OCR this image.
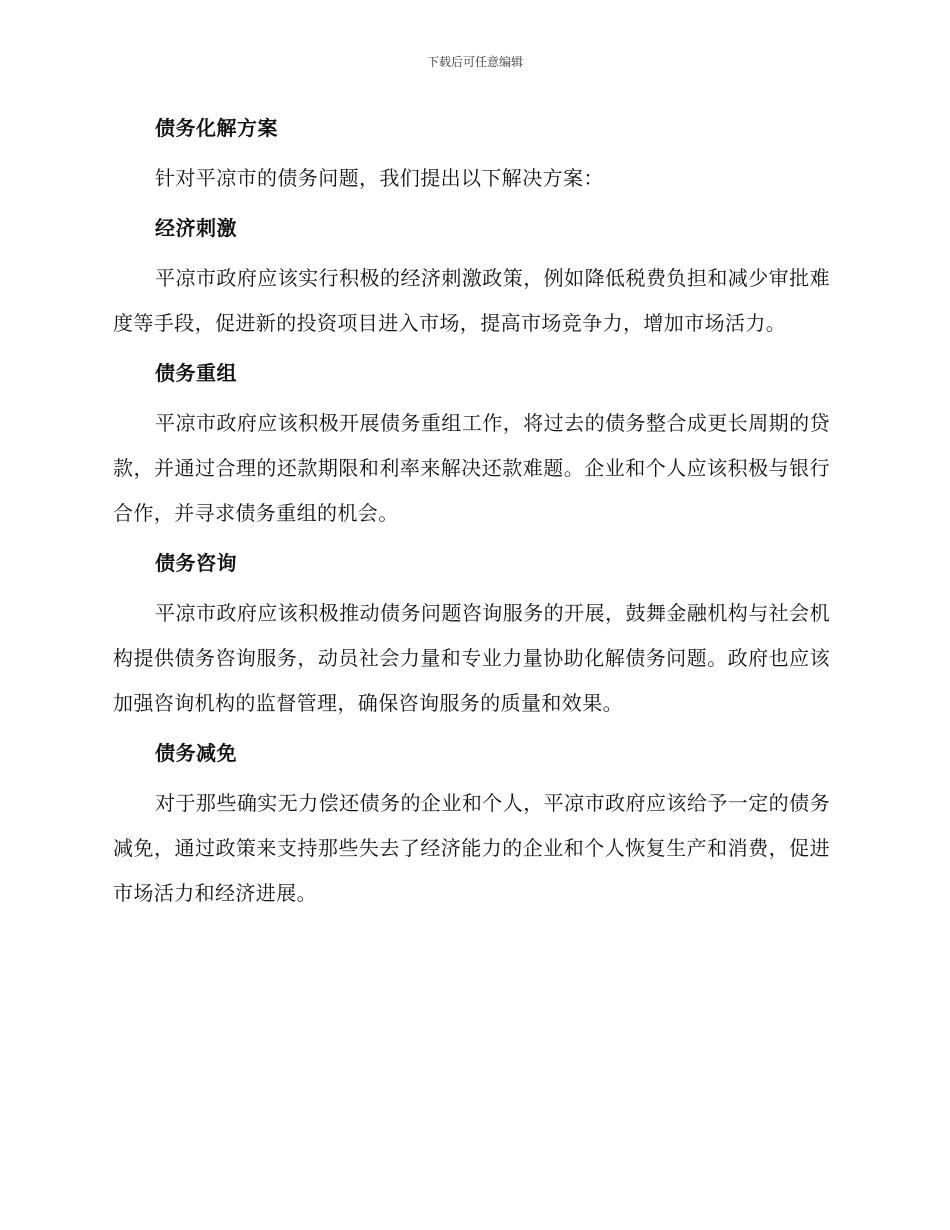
下载后可任意编辑
债务化解方案

针对平凉市的债务问题，我们提出以下解决方案：

经济刺激

平凉市政府应该实行积极的经济刺激政策，例如降低税费负担和减少审批难度等手段，促进新的投资项目进入市场，提高市场竞争力，增加市场活力。

债务重组

平凉市政府应该积极开展债务重组工作，将过去的债务整合成更长周期的贷款，并通过合理的还款期限和利率来解决还款难题。企业和个人应该积极与银行合作，并寻求债务重组的机会。

债务咨询

平凉市政府应该积极推动债务问题咨询服务的开展，鼓舞金融机构与社会机构提供债务咨询服务，动员社会力量和专业力量协助化解债务问题。政府也应该加强咨询机构的监督管理，确保咨询服务的质量和效果。

债务减免

对于那些确实无力偿还债务的企业和个人，平凉市政府应该给予一定的债务减免，通过政策来支持那些失去了经济能力的企业和个人恢复生产和消费，促进市场活力和经济进展。
